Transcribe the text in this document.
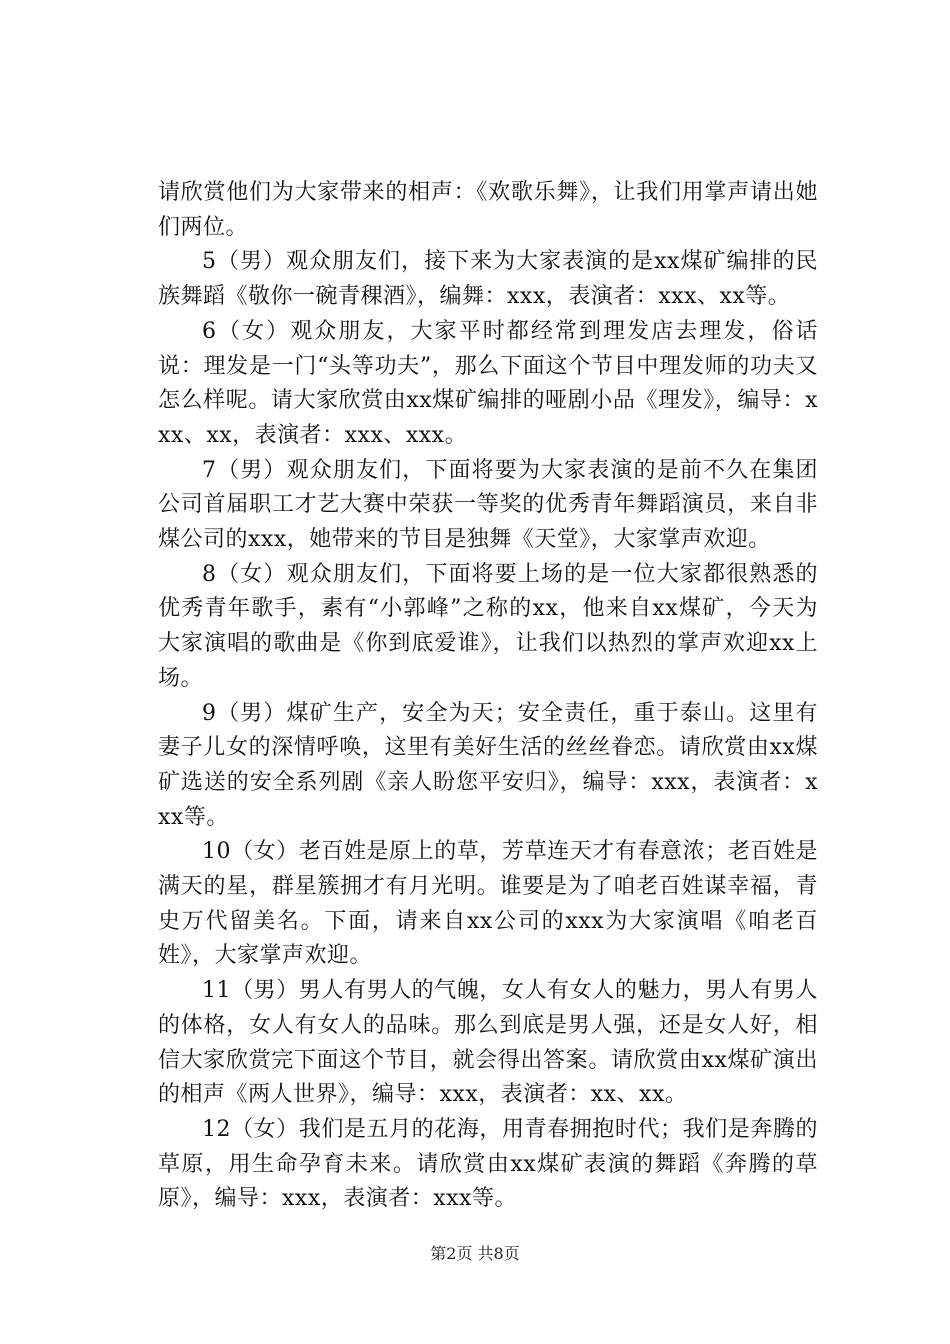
请欣赏他们为大家带来的相声：《欢歌乐舞》，让我们用掌声请出她们两位。

5（男）观众朋友们，接下来为大家表演的是xx煤矿编排的民族舞蹈《敬你一碗青稞酒》，编舞：xxx，表演者：xxx、xx等。

6（女）观众朋友，大家平时都经常到理发店去理发，俗话说：理发是一门“头等功夫”，那么下面这个节目中理发师的功夫又怎么样呢。请大家欣赏由xx煤矿编排的哑剧小品《理发》，编导：xxx、xx，表演者：xxx、xxx。

7（男）观众朋友们，下面将要为大家表演的是前不久在集团公司首届职工才艺大赛中荣获一等奖的优秀青年舞蹈演员，来自非煤公司的xxx，她带来的节目是独舞《天堂》，大家掌声欢迎。

8（女）观众朋友们，下面将要上场的是一位大家都很熟悉的优秀青年歌手，素有“小郭峰”之称的xx，他来自xx煤矿，今天为大家演唱的歌曲是《你到底爱谁》，让我们以热烈的掌声欢迎xx上场。

9（男）煤矿生产，安全为天；安全责任，重于泰山。这里有妻子儿女的深情呼唤，这里有美好生活的丝丝眷恋。请欣赏由xx煤矿选送的安全系列剧《亲人盼您平安归》，编导：xxx，表演者：xxx等。

10（女）老百姓是原上的草，芳草连天才有春意浓；老百姓是满天的星，群星簇拥才有月光明。谁要是为了咱老百姓谋幸福，青史万代留美名。下面，请来自xx公司的xxx为大家演唱《咱老百姓》，大家掌声欢迎。

11（男）男人有男人的气魄，女人有女人的魅力，男人有男人的体格，女人有女人的品味。那么到底是男人强，还是女人好，相信大家欣赏完下面这个节目，就会得出答案。请欣赏由xx煤矿演出的相声《两人世界》，编导：xxx，表演者：xx、xx。

12（女）我们是五月的花海，用青春拥抱时代；我们是奔腾的草原，用生命孕育未来。请欣赏由xx煤矿表演的舞蹈《奔腾的草原》，编导：xxx，表演者：xxx等。

第2页 共8页
